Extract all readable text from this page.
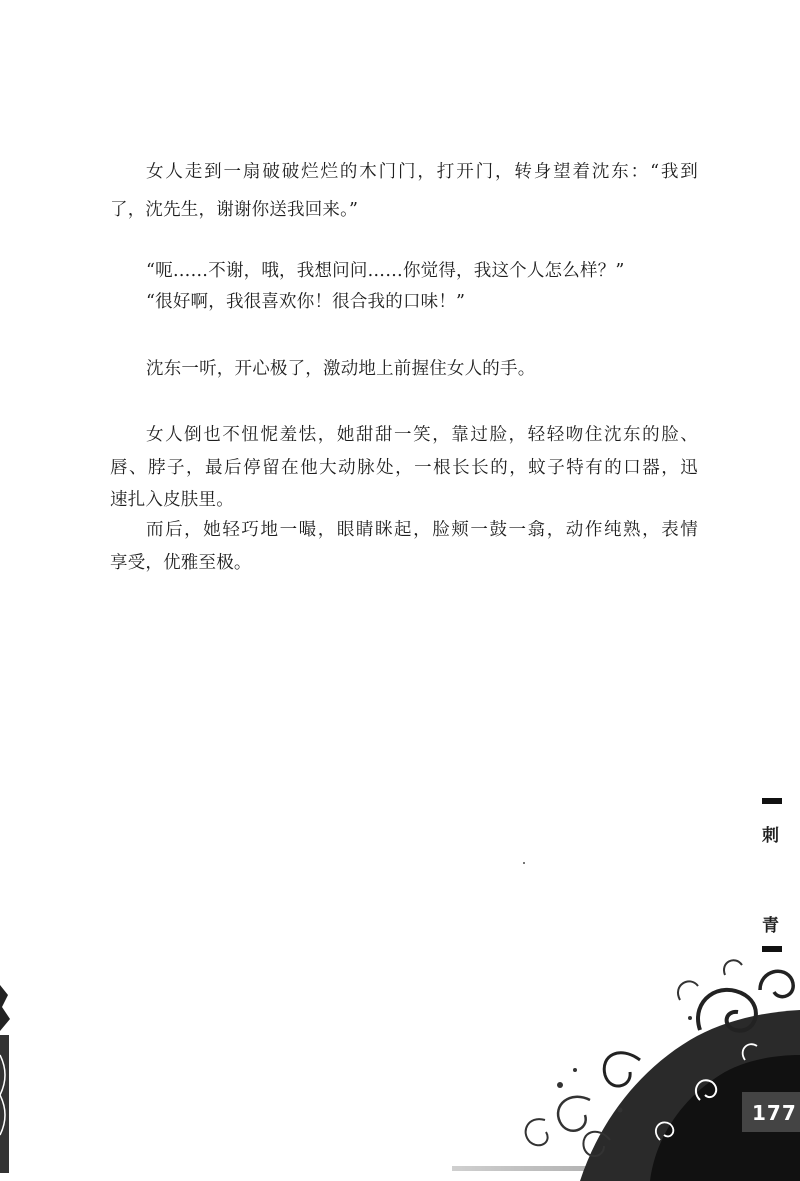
女人走到一扇破破烂烂的木门门，打开门，转身望着沈东：“我到
了，沈先生，谢谢你送我回来。”
“呃……不谢，哦，我想问问……你觉得，我这个人怎么样？”
“很好啊，我很喜欢你！很合我的口味！”
沈东一听，开心极了，激动地上前握住女人的手。
女人倒也不忸怩羞怯，她甜甜一笑，靠过脸，轻轻吻住沈东的脸、
唇、脖子，最后停留在他大动脉处，一根长长的，蚊子特有的口器，迅
速扎入皮肤里。
而后，她轻巧地一嘬，眼睛眯起，脸颊一鼓一翕，动作纯熟，表情
享受，优雅至极。
刺
青
177
